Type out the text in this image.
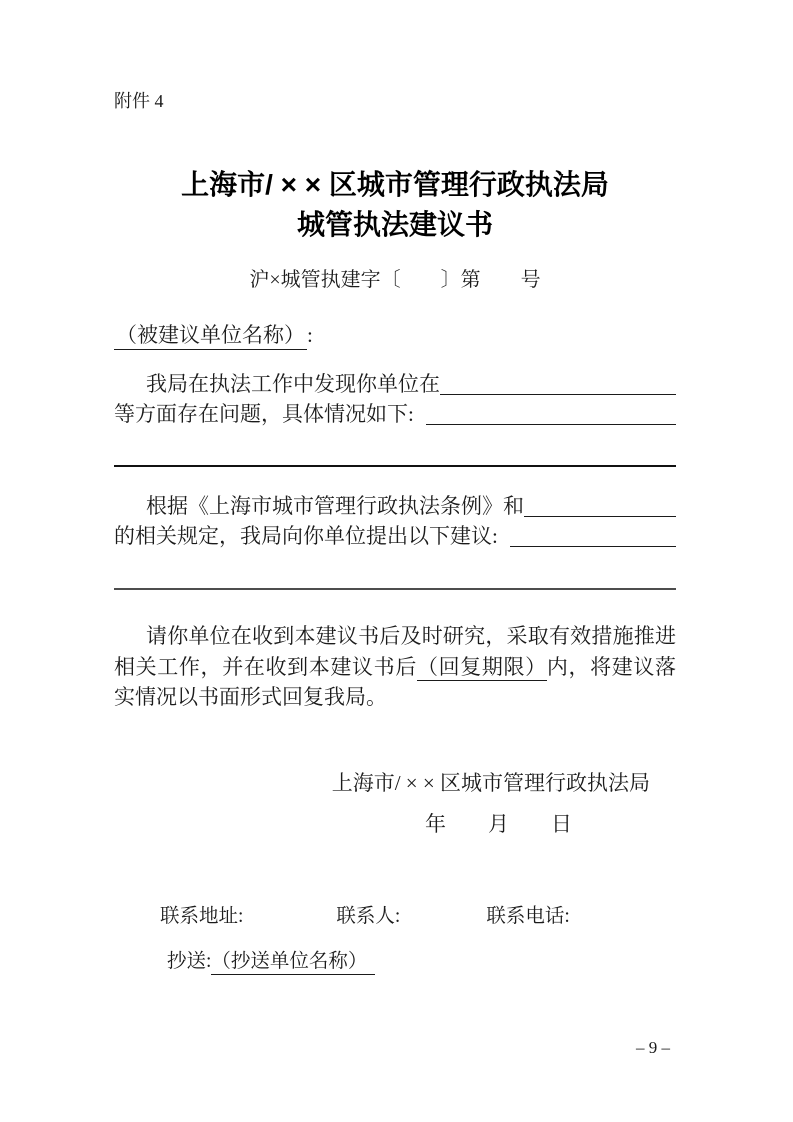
附件 4
上海市/ × × 区城市管理行政执法局
城管执法建议书
沪×城管执建字〔　　〕第　　号
（被建议单位名称）:
我局在执法工作中发现你单位在
等方面存在问题，具体情况如下:
根据《上海市城市管理行政执法条例》和
的相关规定，我局向你单位提出以下建议:
请你单位在收到本建议书后及时研究，采取有效措施推进相关工作，并在收到本建议书后（回复期限）内，将建议落实情况以书面形式回复我局。
上海市/ × × 区城市管理行政执法局
年　　月　　日
联系地址:	联系人:	联系电话:
抄送:（抄送单位名称）
– 9 –
